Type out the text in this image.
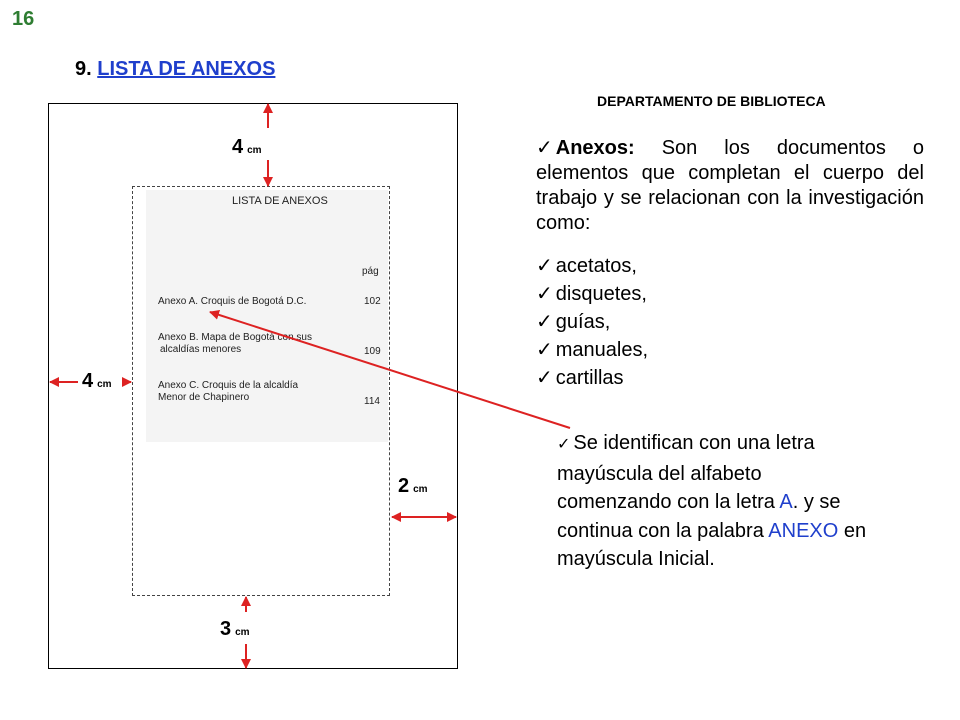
16
9. LISTA DE ANEXOS
DEPARTAMENTO DE BIBLIOTECA
LISTA DE ANEXOS
pág
Anexo A. Croquis de Bogotá D.C.	102
Anexo B. Mapa de Bogotá con sus
alcaldías menores	109
Anexo C. Croquis de la alcaldía
Menor de Chapinero	114
4 cm
4 cm
2 cm
3 cm
✓ Anexos: Son los documentos o elementos que completan el cuerpo del trabajo y se relacionan con la investigación como:
✓ acetatos,
✓ disquetes,
✓ guías,
✓ manuales,
✓ cartillas
✓ Se identifican con una letra mayúscula del alfabeto comenzando con la letra A. y se continua con la palabra ANEXO en mayúscula Inicial.
